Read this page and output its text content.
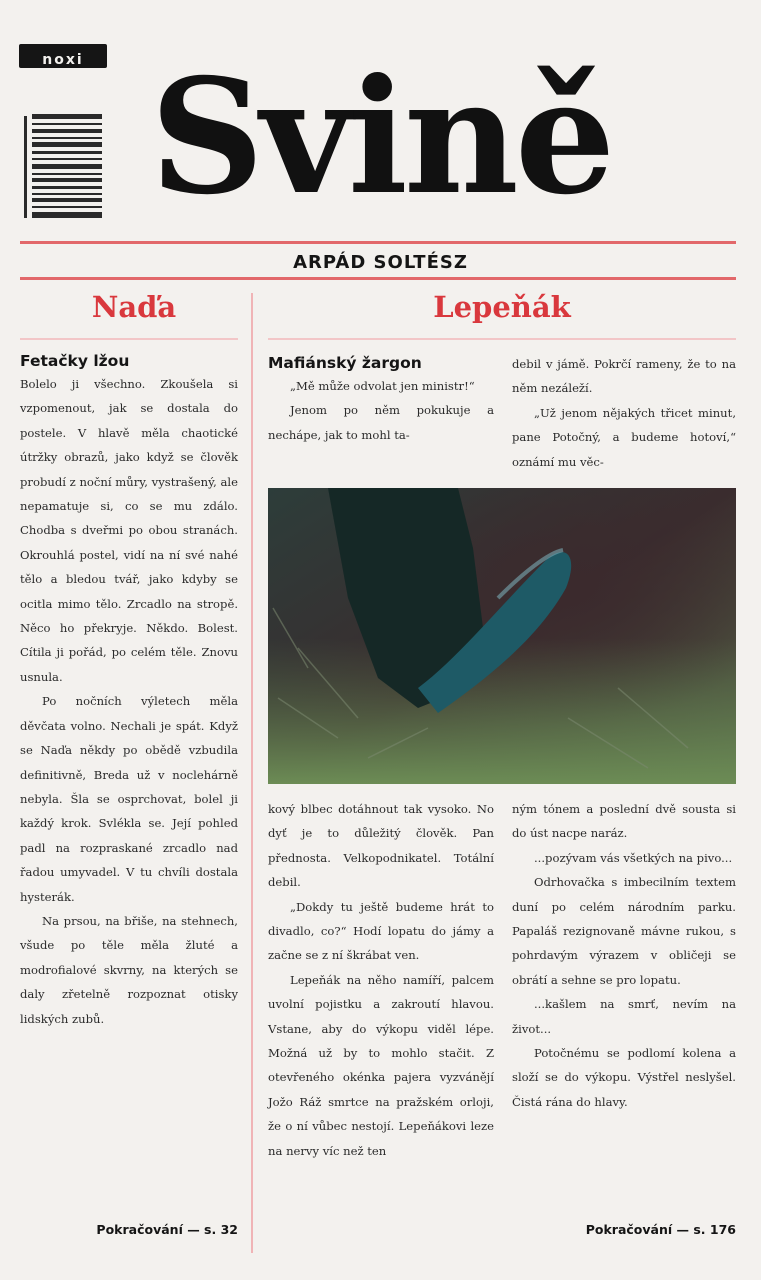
noxi Svině
ARPÁD SOLTÉSZ
Naďa	Lepeňák
Fetačky lžou

Bolelo ji všechno. Zkoušela si vzpomenout, jak se dostala do postele. V hlavě měla chaotické útržky obrazů, jako když se člověk probudí z noční můry, vystrašený, ale nepamatuje si, co se mu zdálo. Chodba s dveřmi po obou stranách. Okrouhlá postel, vidí na ní své nahé tělo a bledou tvář, jako kdyby se ocitla mimo tělo. Zrcadlo na stropě. Něco ho překryje. Někdo. Bolest. Cítila ji pořád, po celém těle. Znovu usnula.

Po nočních výletech měla děvčata volno. Nechali je spát. Když se Naďa někdy po obědě vzbudila definitivně, Bredа už v noclehárně nebyla. Šla se osprchovat, bolel ji každý krok. Svlékla se. Její pohled padl na rozpraskané zrcadlo nad řadou umyvadel. V tu chvíli dostala hysterák.

Na prsou, na břiše, na stehnech, všude po těle měla žluté a modrofialové skvrny, na kterých se daly zřetelně rozpoznat otisky lidských zubů.

Pokračování — s. 32
Mafiánský žargon

„Mě může odvolat jen ministr!“

Jenom po něm pokukuje a nechápe, jak to mohl ta-

debil v jámě. Pokrčí rameny, že to na něm nezáleží.

„Už jenom nějakých třicet minut, pane Potočný, a budeme hotoví,“ oznámí mu věc-

kový blbec dotáhnout tak vysoko. No dyť je to důležitý člověk. Pan přednosta. Velkopodnikatel. Totální debil.

„Dokdy tu ještě budeme hrát to divadlo, co?“ Hodí lopatu do jámy a začne se z ní škrábat ven.

Lepeňák na něho namíří, palcem uvolní pojistku a zakroutí hlavou. Vstane, aby do výkopu viděl lépe. Možná už by to mohlo stačit. Z otevřeného okénka pajera vyzvánějí Jožo Ráž smrtce na pražském orloji, že o ní vůbec nestojí. Lepeňákovi leze na nervy víc než ten

ným tónem a poslední dvě sousta si do úst nacpe naráz.

...pozývam vás všetkých na pivo...

Odrhovačka s imbecilním textem duní po celém národním parku. Papaláš rezignovaně mávne rukou, s pohrdavým výrazem v obličeji se obrátí a sehne se pro lopatu.

...kašlem na smrť, nevím na život...

Potočnému se podlomí kolena a složí se do výkopu. Výstřel neslyšel. Čistá rána do hlavy.

Pokračování — s. 176
